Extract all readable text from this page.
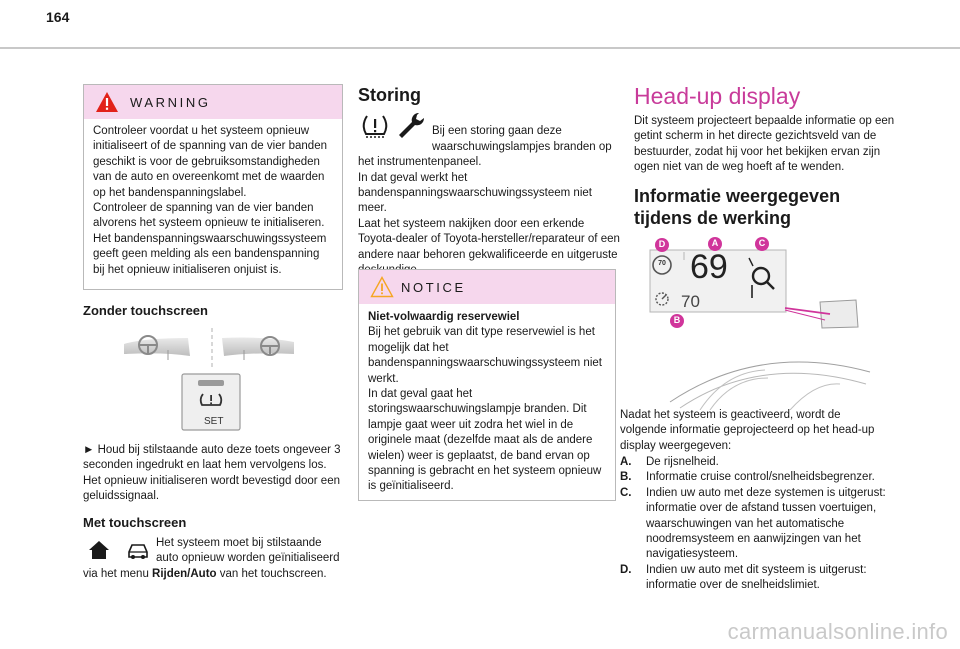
164
WARNING
Controleer voordat u het systeem opnieuw initialiseert of de spanning van de vier banden geschikt is voor de gebruiksomstandigheden van de auto en overeenkomt met de waarden op het bandenspanningslabel.
Controleer de spanning van de vier banden alvorens het systeem opnieuw te initialiseren.
Het bandenspanningswaarschuwingssysteem geeft geen melding als een bandenspanning bij het opnieuw initialiseren onjuist is.
Zonder touchscreen
SET
► Houd bij stilstaande auto deze toets ongeveer 3 seconden ingedrukt en laat hem vervolgens los.
Het opnieuw initialiseren wordt bevestigd door een geluidssignaal.
Met touchscreen
Het systeem moet bij stilstaande auto opnieuw worden geïnitialiseerd via het menu Rijden/Auto van het touchscreen.
Storing

Bij een storing gaan deze waarschuwingslampjes branden op het instrumentenpaneel.
In dat geval werkt het bandenspanningswaarschuwingssysteem niet meer.
Laat het systeem nakijken door een erkende Toyota-dealer of Toyota-hersteller/reparateur of een andere naar behoren gekwalificeerde en uitgeruste

NOTICE
Niet-volwaardig reservewiel
Bij het gebruik van dit type reservewiel is het mogelijk dat het bandenspanningswaarschuwingssysteem niet werkt.
In dat geval gaat het storingswaarschuwingslampje branden. Dit lampje gaat weer uit zodra het wiel in de originele maat (dezelfde maat als de andere wielen) weer is geplaatst, de band ervan op spanning is gebracht en het systeem opnieuw is geïnitialiseerd.
Head-up display
Dit systeem projecteert bepaalde informatie op een getint scherm in het directe gezichtsveld van de bestuurder, zodat hij voor het bekijken ervan zijn ogen niet van de weg hoeft af te wenden.
Informatie weergegeven tijdens de werking
70 69
70
D	A	C
B
Nadat het systeem is geactiveerd, wordt de volgende informatie geprojecteerd op het head-up display weergegeven:
A. De rijsnelheid.
B. Informatie cruise control/snelheidsbegrenzer.
C. Indien uw auto met deze systemen is uitgerust: informatie over de afstand tussen voertuigen, waarschuwingen van het automatische noodremsysteem en aanwijzingen van het navigatiesysteem.
D. Indien uw auto met dit systeem is uitgerust: informatie over de snelheidslimiet.
carmanualsonline.info
